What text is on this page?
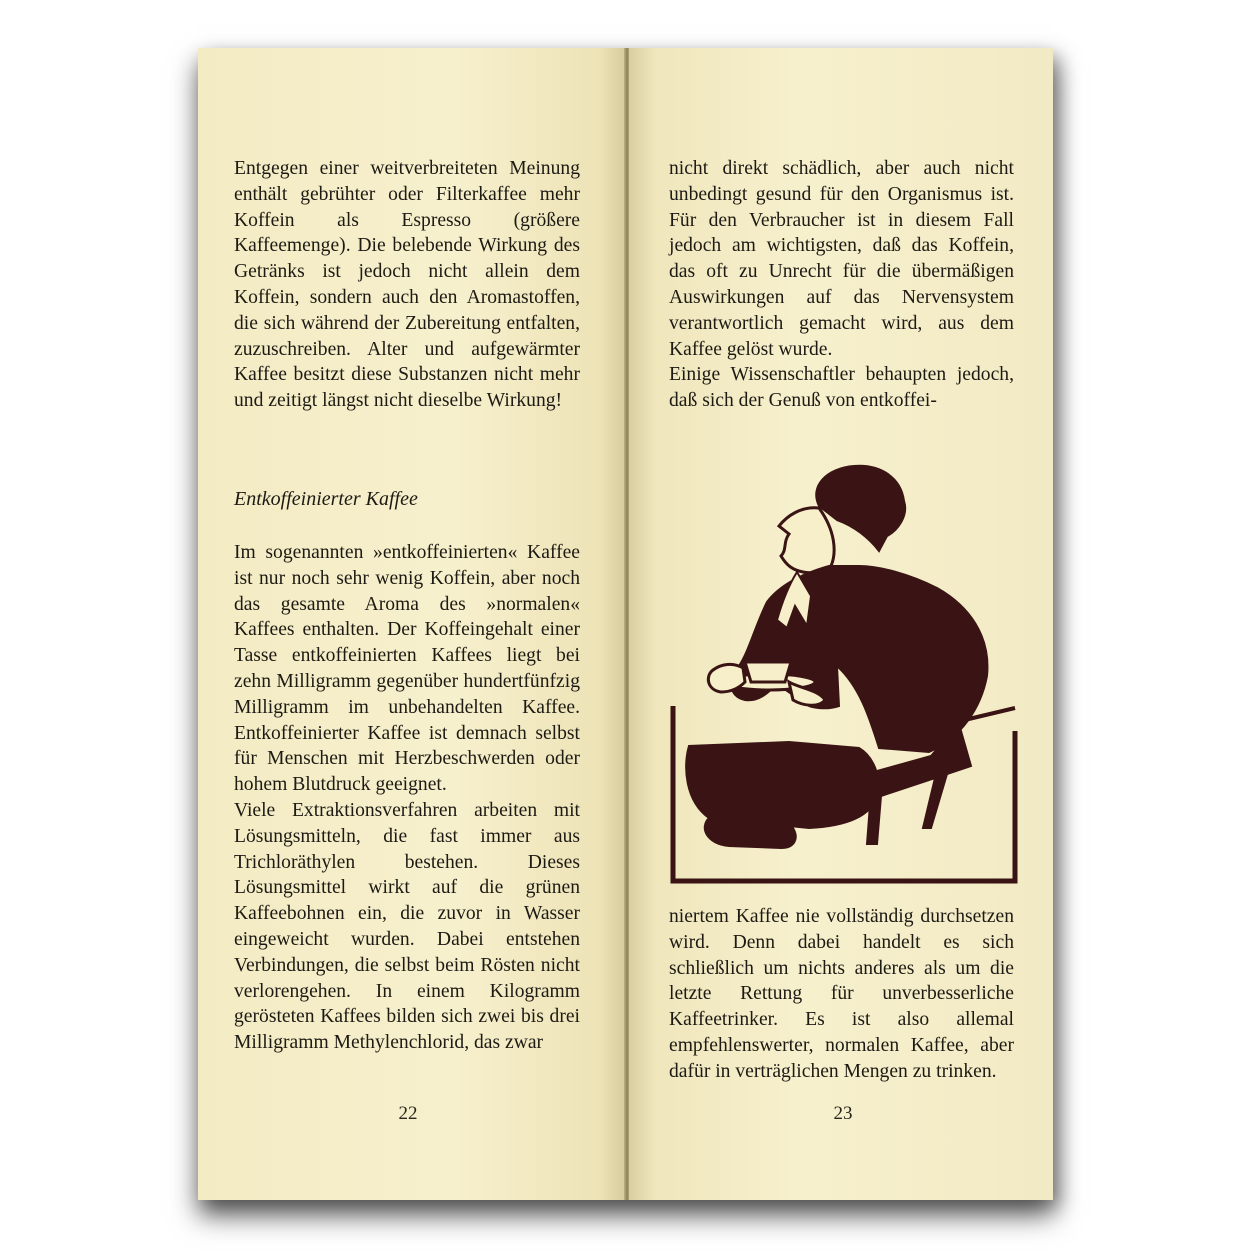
Entgegen einer weitverbreiteten Meinung enthält gebrühter oder Filterkaffee mehr Koffein als Espresso (größere Kaffeemenge). Die belebende Wirkung des Getränks ist jedoch nicht allein dem Koffein, sondern auch den Aromastoffen, die sich während der Zubereitung entfalten, zuzuschreiben. Alter und aufgewärmter Kaffee besitzt diese Substanzen nicht mehr und zeitigt längst nicht dieselbe Wirkung!

Entkoffeinierter Kaffee

Im sogenannten »entkoffeinierten« Kaffee ist nur noch sehr wenig Koffein, aber noch das gesamte Aroma des »normalen« Kaffees enthalten. Der Koffeingehalt einer Tasse entkoffeinierten Kaffees liegt bei zehn Milligramm gegenüber hundertfünfzig Milligramm im unbehandelten Kaffee. Entkoffeinierter Kaffee ist demnach selbst für Menschen mit Herzbeschwerden oder hohem Blutdruck geeignet.

Viele Extraktionsverfahren arbeiten mit Lösungsmitteln, die fast immer aus Trichloräthylen bestehen. Dieses Lösungsmittel wirkt auf die grünen Kaffeebohnen ein, die zuvor in Wasser eingeweicht wurden. Dabei entstehen Verbindungen, die selbst beim Rösten nicht verlorengehen. In einem Kilogramm gerösteten Kaffees bilden sich zwei bis drei Milligramm Methylenchlorid, das zwar

22

nicht direkt schädlich, aber auch nicht unbedingt gesund für den Organismus ist. Für den Verbraucher ist in diesem Fall jedoch am wichtigsten, daß das Koffein, das oft zu Unrecht für die übermäßigen Auswirkungen auf das Nervensystem verantwortlich gemacht wird, aus dem Kaffee gelöst wurde.

Einige Wissenschaftler behaupten jedoch, daß sich der Genuß von entkoffei-

niertem Kaffee nie vollständig durchsetzen wird. Denn dabei handelt es sich schließlich um nichts anderes als um die letzte Rettung für unverbesserliche Kaffeetrinker. Es ist also allemal empfehlenswerter, normalen Kaffee, aber dafür in verträglichen Mengen zu trinken.

23
